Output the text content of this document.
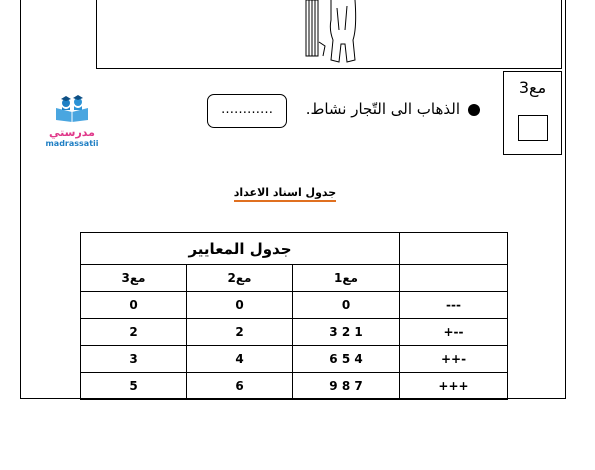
مع3
مدرستي
madrassatii
…………	الذهاب الى التّجار نشاط.
جدول اسناد الاعداد
جدول المعايير			
مع3	مع2	مع1	
0	0	0	---
2	2	1 2 3	+--
3	4	4 5 6	++-
5	6	7 8 9	+++
